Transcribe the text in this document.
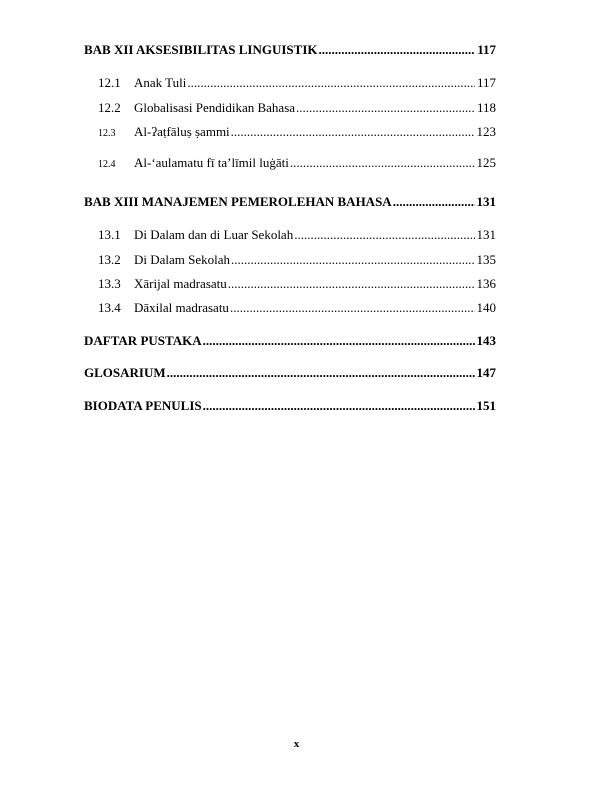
BAB XII AKSESIBILITAS LINGUISTIK .....	117
12.1	Anak Tuli .....	117
12.2	Globalisasi Pendidikan Bahasa .....	118
12.3	Al-ʔaṭfāluṣ ṣammi .....	123
12.4	Al-‘aulamatu fī ta’līmil luġāti .....	125
BAB XIII MANAJEMEN PEMEROLEHAN BAHASA .....	131
13.1	Di Dalam dan di Luar Sekolah .....	131
13.2	Di Dalam Sekolah .....	135
13.3	Xārijal madrasatu .....	136
13.4	Dāxilal madrasatu .....	140
DAFTAR PUSTAKA .....	143
GLOSARIUM .....	147
BIODATA PENULIS .....	151
x
